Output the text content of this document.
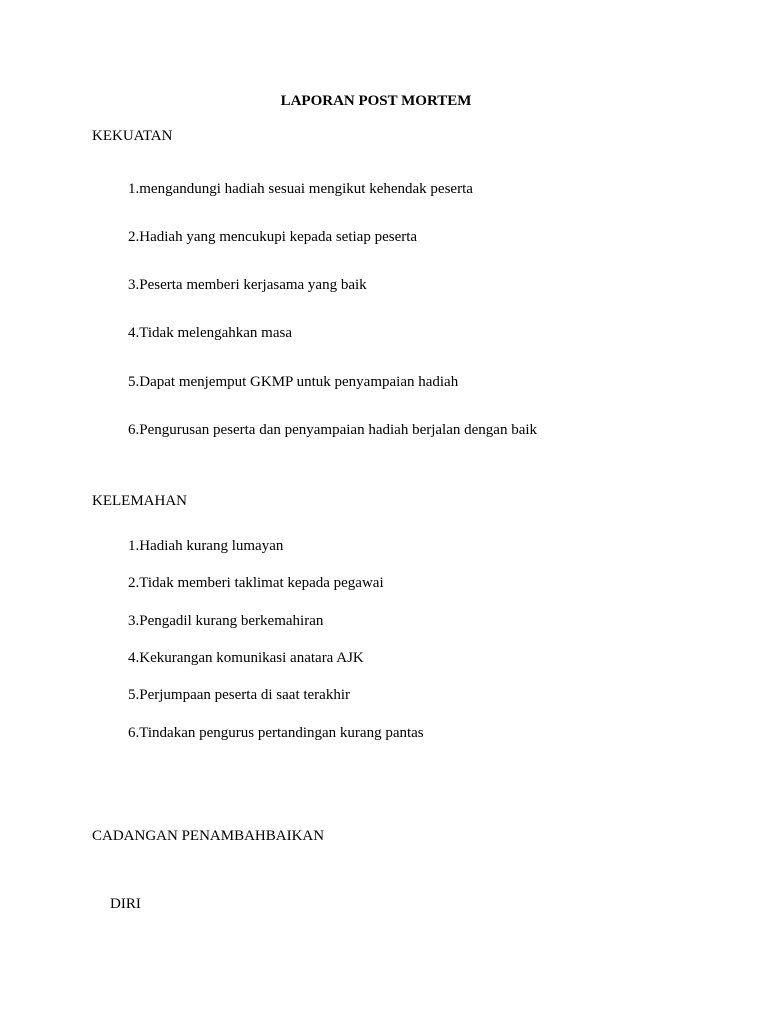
LAPORAN POST MORTEM

KEKUATAN

1.mengandungi hadiah sesuai mengikut kehendak peserta

2.Hadiah yang mencukupi kepada setiap peserta

3.Peserta memberi kerjasama yang baik

4.Tidak melengahkan masa

5.Dapat menjemput GKMP untuk penyampaian hadiah

6.Pengurusan peserta dan penyampaian hadiah berjalan dengan baik

KELEMAHAN

1.Hadiah kurang lumayan

2.Tidak memberi taklimat kepada pegawai

3.Pengadil kurang berkemahiran

4.Kekurangan komunikasi anatara AJK

5.Perjumpaan peserta di saat terakhir

6.Tindakan pengurus pertandingan kurang pantas

CADANGAN PENAMBAHBAIKAN

DIRI
